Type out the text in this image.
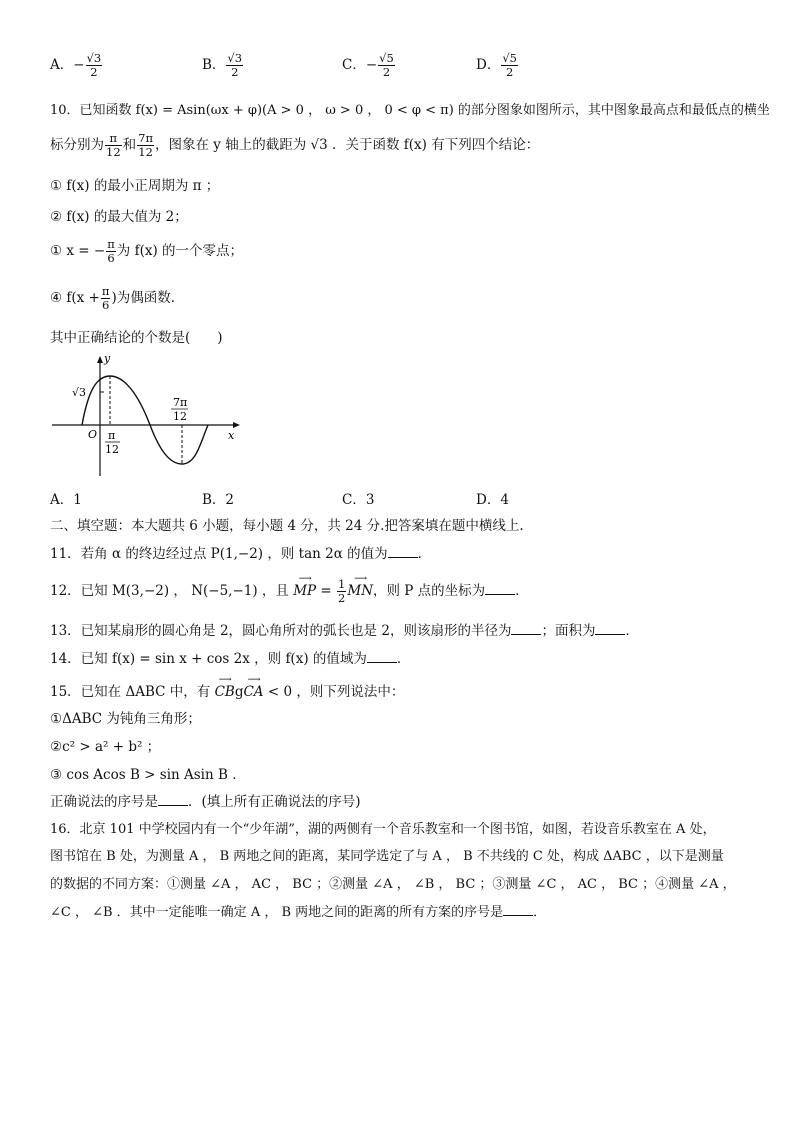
A．− $\frac{√3}{2}$	B． $\frac{√3}{2}$	C．− $\frac{√5}{2}$	D． $\frac{√5}{2}$
10．已知函数 f(x) = Asin(ωx + φ)(A > 0 ， ω > 0 ， 0 < φ < π) 的部分图象如图所示，其中图象最高点和最低点的横坐
标分别为 $\frac{\pi}{12}$ 和 $\frac{7\pi}{12}$ ，图象在 y 轴上的截距为 √3 ．关于函数 f(x) 有下列四个结论：
① f(x) 的最小正周期为 π ；
② f(x) 的最大值为 2；
① x = − $\frac{\pi}{6}$ 为 f(x) 的一个零点；
④ $f(x + \frac{\pi}{6}$ )为偶函数．
其中正确结论的个数是(　　)
y
x
O
√3
π
12
7π
12
A．1	B．2	C．3	D．4
二、填空题：本大题共 6 小题，每小题 4 分，共 24 分.把答案填在题中横线上.
11．若角 α 的终边经过点 P(1,−2) ，则 tan 2α 的值为 ．
12．已知 M(3,−2) ， N(−5,−1) ，且
⟶
MP = $\frac{1}{2}$ ⟶
MN，则 P 点的坐标为 ．
13．已知某扇形的圆心角是 2，圆心角所对的弧长也是 2，则该扇形的半径为 ；面积为 ．
14．已知 f(x) = sin x + cos 2x ，则 f(x) 的值域为 ．
15．已知在 ΔABC 中，有
⟶
CBg
⟶
CA < 0 ，则下列说法中：
①ΔABC 为钝角三角形；
②c² > a² + b² ；
③ cos Acos B > sin Asin B ．
正确说法的序号是 ．(填上所有正确说法的序号)
16．北京 101 中学校园内有一个“少年湖”，湖的两侧有一个音乐教室和一个图书馆，如图，若设音乐教室在 A 处，
图书馆在 B 处，为测量 A ， B 两地之间的距离，某同学选定了与 A ， B 不共线的 C 处，构成 ΔABC ，以下是测量
的数据的不同方案：①测量 ∠A ， AC ， BC ；②测量 ∠A ， ∠B ， BC ；③测量 ∠C ， AC ， BC ；④测量 ∠A ，
∠C ， ∠B ．其中一定能唯一确定 A ， B 两地之间的距离的所有方案的序号是 ．
